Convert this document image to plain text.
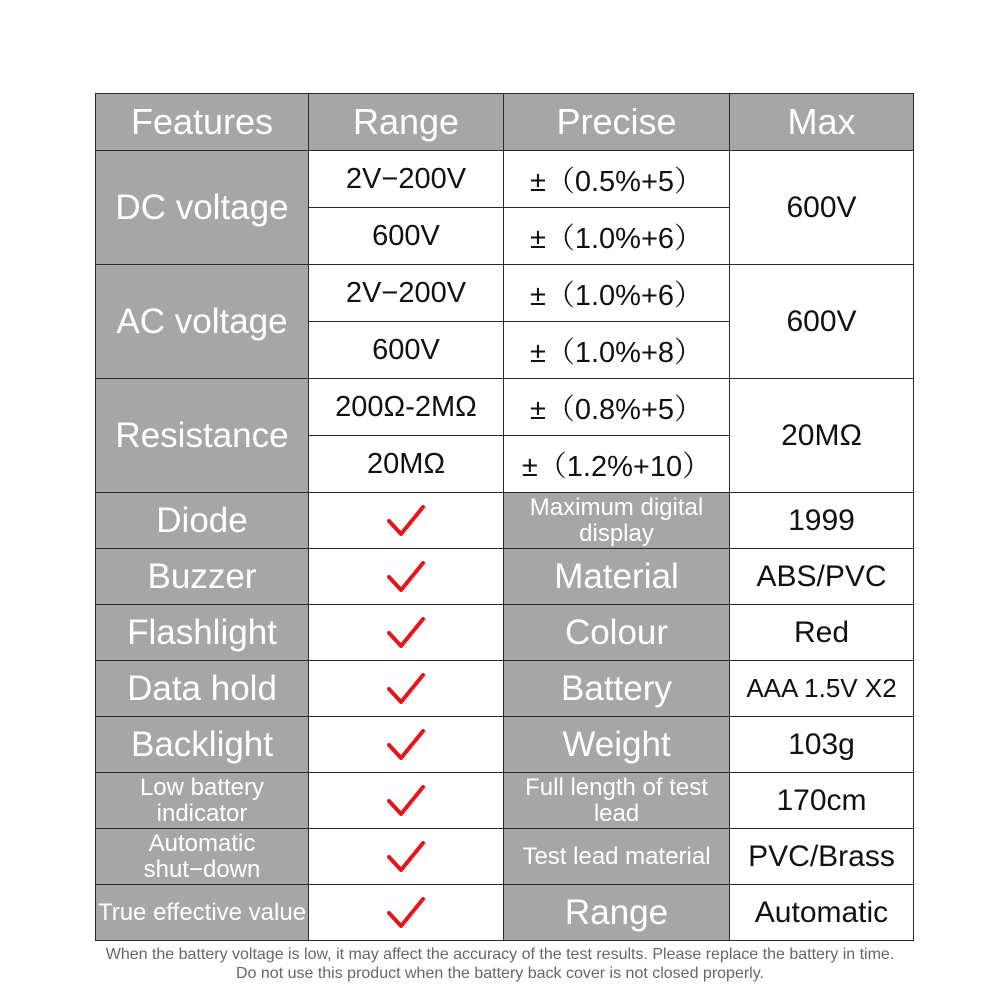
Features	Range	Precise	Max
DC voltage	2V−200V	±（0.5%+5）	600V
	600V	±（1.0%+6）	
AC voltage	2V−200V	±（1.0%+6）	600V
	600V	±（1.0%+8）	
Resistance	200Ω-2MΩ	±（0.8%+5）	20MΩ
	20MΩ	±（1.2%+10）	
Diode		Maximum digital display	1999
Buzzer		Material	ABS/PVC
Flashlight		Colour	Red
Data hold		Battery	AAA 1.5V X2
Backlight		Weight	103g
Low battery indicator		Full length of test lead	170cm
Automatic shut−down		Test lead material	PVC/Brass
True effective value		Range	Automatic
When the battery voltage is low, it may affect the accuracy of the test results. Please replace the battery in time.
Do not use this product when the battery back cover is not closed properly.
